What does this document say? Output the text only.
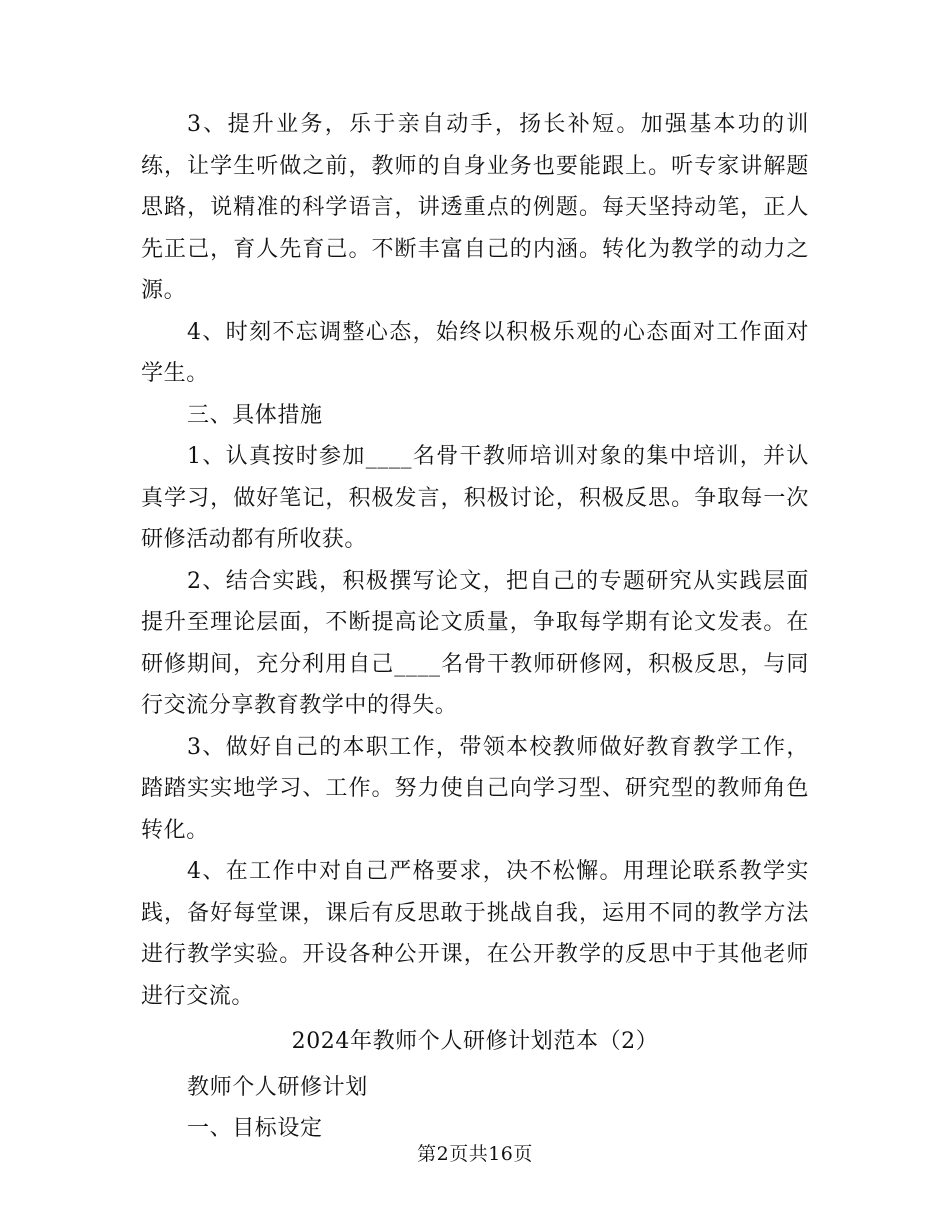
3、提升业务，乐于亲自动手，扬长补短。加强基本功的训练，让学生听做之前，教师的自身业务也要能跟上。听专家讲解题思路，说精准的科学语言，讲透重点的例题。每天坚持动笔，正人先正己，育人先育己。不断丰富自己的内涵。转化为教学的动力之源。

4、时刻不忘调整心态，始终以积极乐观的心态面对工作面对学生。

三、具体措施

1、认真按时参加____名骨干教师培训对象的集中培训，并认真学习，做好笔记，积极发言，积极讨论，积极反思。争取每一次研修活动都有所收获。

2、结合实践，积极撰写论文，把自己的专题研究从实践层面提升至理论层面，不断提高论文质量，争取每学期有论文发表。在研修期间，充分利用自己____名骨干教师研修网，积极反思，与同行交流分享教育教学中的得失。

3、做好自己的本职工作，带领本校教师做好教育教学工作，踏踏实实地学习、工作。努力使自己向学习型、研究型的教师角色转化。

4、在工作中对自己严格要求，决不松懈。用理论联系教学实践，备好每堂课，课后有反思敢于挑战自我，运用不同的教学方法进行教学实验。开设各种公开课，在公开教学的反思中于其他老师进行交流。

2024年教师个人研修计划范本（2）

教师个人研修计划

一、目标设定

第2页共16页
